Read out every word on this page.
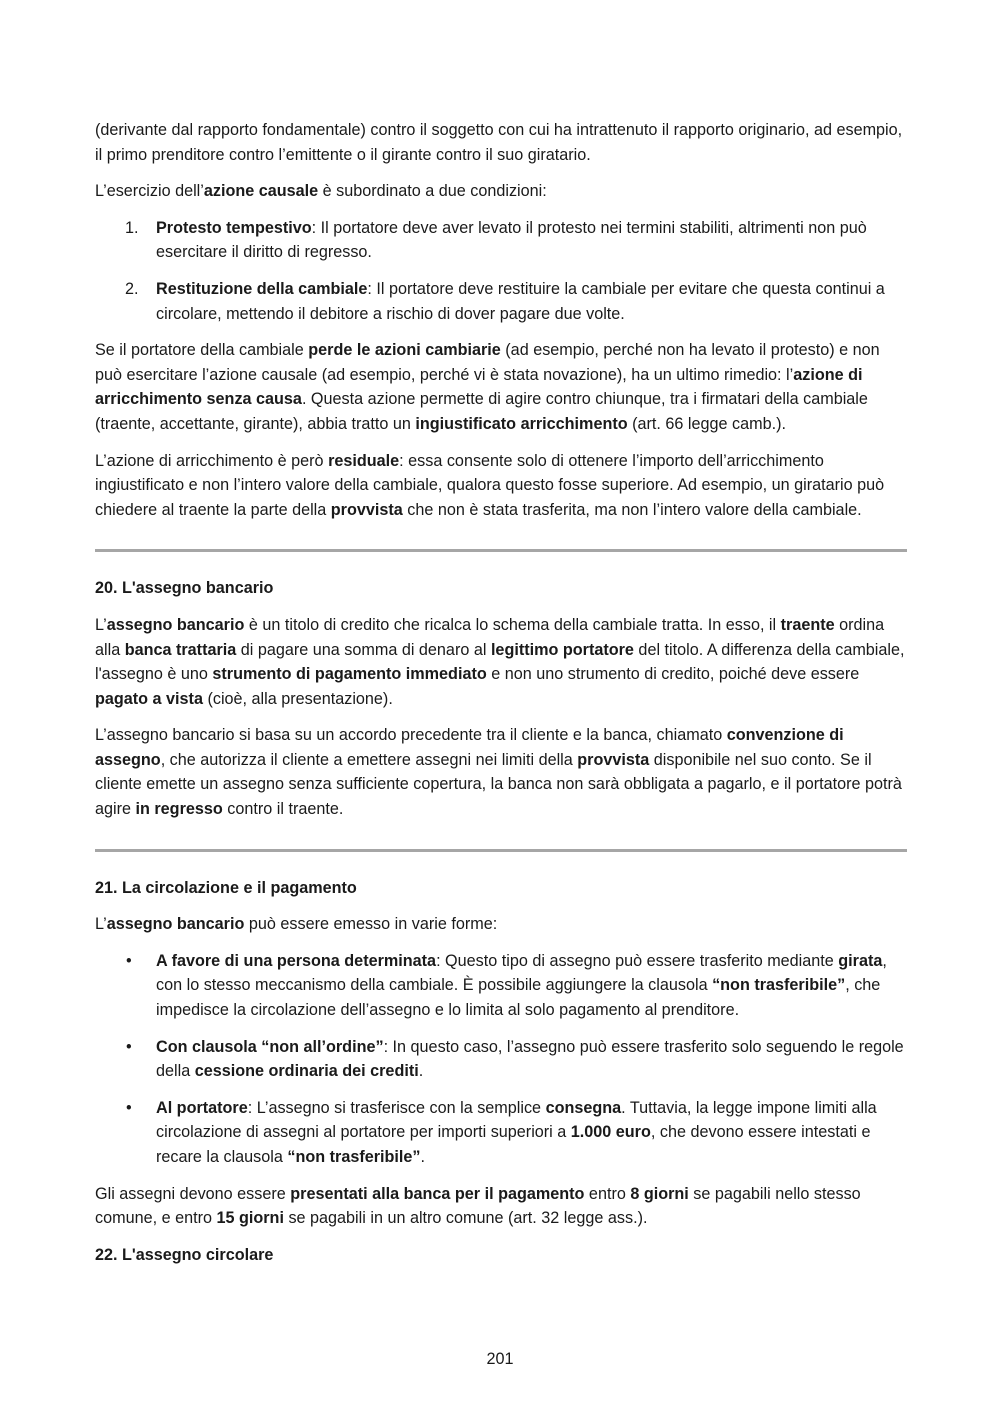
(derivante dal rapporto fondamentale) contro il soggetto con cui ha intrattenuto il rapporto originario, ad esempio, il primo prenditore contro l’emittente o il girante contro il suo giratario.

L’esercizio dell’azione causale è subordinato a due condizioni:

1. Protesto tempestivo: Il portatore deve aver levato il protesto nei termini stabiliti, altrimenti non può esercitare il diritto di regresso.
2. Restituzione della cambiale: Il portatore deve restituire la cambiale per evitare che questa continui a circolare, mettendo il debitore a rischio di dover pagare due volte.

Se il portatore della cambiale perde le azioni cambiarie (ad esempio, perché non ha levato il protesto) e non può esercitare l’azione causale (ad esempio, perché vi è stata novazione), ha un ultimo rimedio: l’azione di arricchimento senza causa. Questa azione permette di agire contro chiunque, tra i firmatari della cambiale (traente, accettante, girante), abbia tratto un ingiustificato arricchimento (art. 66 legge camb.).

L’azione di arricchimento è però residuale: essa consente solo di ottenere l’importo dell’arricchimento ingiustificato e non l’intero valore della cambiale, qualora questo fosse superiore. Ad esempio, un giratario può chiedere al traente la parte della provvista che non è stata trasferita, ma non l’intero valore della cambiale.

20. L'assegno bancario

L’assegno bancario è un titolo di credito che ricalca lo schema della cambiale tratta. In esso, il traente ordina alla banca trattaria di pagare una somma di denaro al legittimo portatore del titolo. A differenza della cambiale, l'assegno è uno strumento di pagamento immediato e non uno strumento di credito, poiché deve essere pagato a vista (cioè, alla presentazione).

L’assegno bancario si basa su un accordo precedente tra il cliente e la banca, chiamato convenzione di assegno, che autorizza il cliente a emettere assegni nei limiti della provvista disponibile nel suo conto. Se il cliente emette un assegno senza sufficiente copertura, la banca non sarà obbligata a pagarlo, e il portatore potrà agire in regresso contro il traente.

21. La circolazione e il pagamento

L’assegno bancario può essere emesso in varie forme:

• A favore di una persona determinata: Questo tipo di assegno può essere trasferito mediante girata, con lo stesso meccanismo della cambiale. È possibile aggiungere la clausola “non trasferibile”, che impedisce la circolazione dell’assegno e lo limita al solo pagamento al prenditore.
• Con clausola “non all’ordine”: In questo caso, l’assegno può essere trasferito solo seguendo le regole della cessione ordinaria dei crediti.
• Al portatore: L’assegno si trasferisce con la semplice consegna. Tuttavia, la legge impone limiti alla circolazione di assegni al portatore per importi superiori a 1.000 euro, che devono essere intestati e recare la clausola “non trasferibile”.

Gli assegni devono essere presentati alla banca per il pagamento entro 8 giorni se pagabili nello stesso comune, e entro 15 giorni se pagabili in un altro comune (art. 32 legge ass.).

22. L'assegno circolare
201
